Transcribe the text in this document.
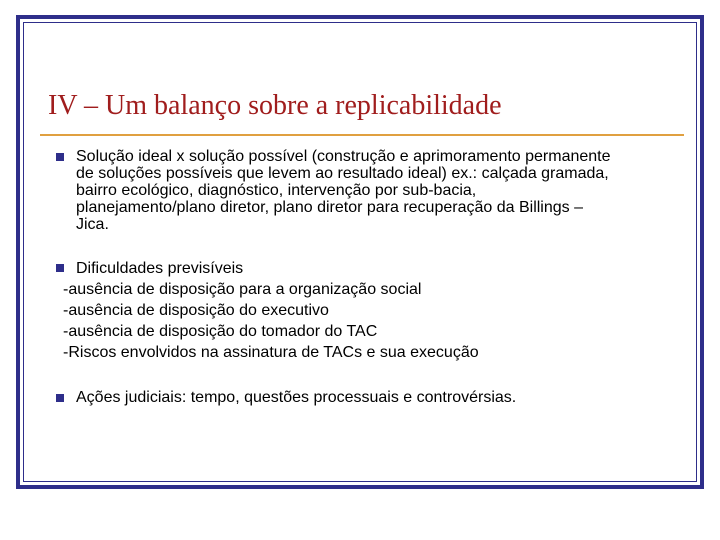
IV – Um balanço sobre a replicabilidade
Solução ideal x solução possível (construção e aprimoramento permanente
de soluções possíveis que levem ao resultado ideal) ex.: calçada gramada,
bairro ecológico, diagnóstico, intervenção por sub-bacia,
planejamento/plano diretor, plano diretor para recuperação da Billings –
Jica.
Dificuldades previsíveis
-ausência de disposição para a organização social
-ausência de disposição do executivo
-ausência de disposição do tomador do TAC
-Riscos envolvidos na assinatura de TACs e sua execução
Ações judiciais: tempo, questões processuais e controvérsias.
